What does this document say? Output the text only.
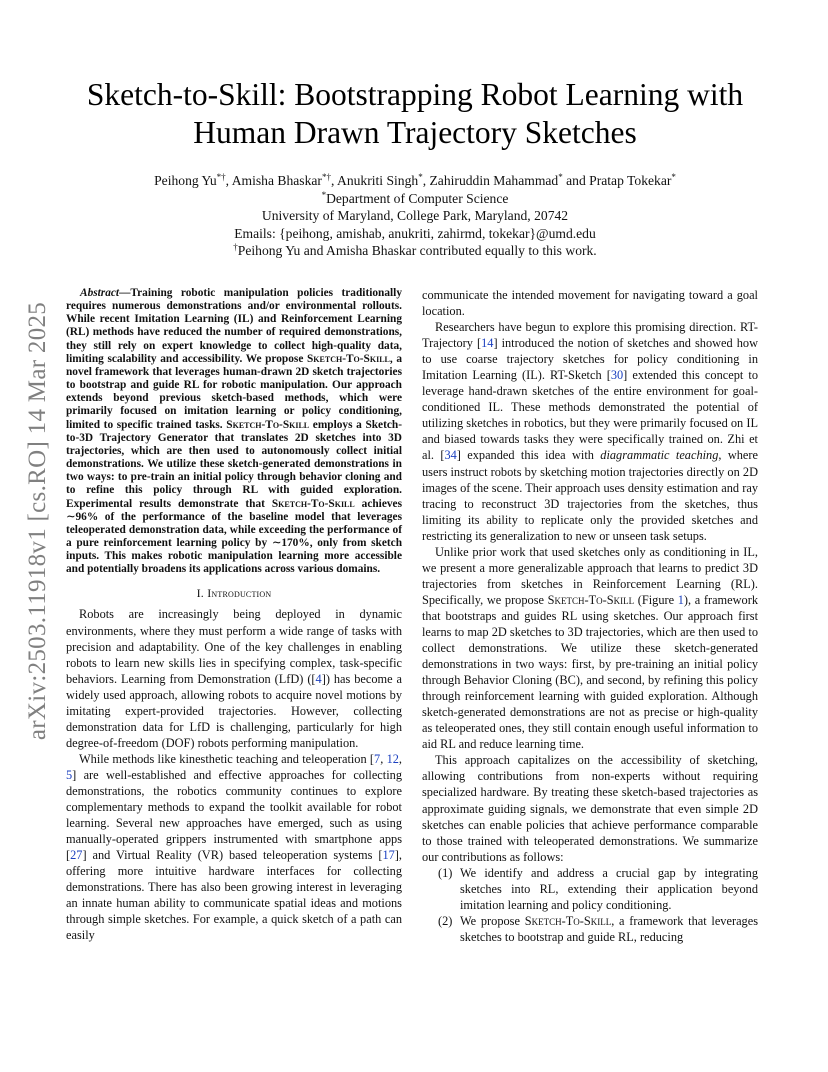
arXiv:2503.11918v1 [cs.RO] 14 Mar 2025
Sketch-to-Skill: Bootstrapping Robot Learning with
Human Drawn Trajectory Sketches
Peihong Yu*†, Amisha Bhaskar*†, Anukriti Singh*, Zahiruddin Mahammad* and Pratap Tokekar*
*Department of Computer Science
University of Maryland, College Park, Maryland, 20742
Emails: {peihong, amishab, anukriti, zahirmd, tokekar}@umd.edu
†Peihong Yu and Amisha Bhaskar contributed equally to this work.

Abstract—Training robotic manipulation policies traditionally requires numerous demonstrations and/or environmental rollouts. While recent Imitation Learning (IL) and Reinforcement Learning (RL) methods have reduced the number of required demonstrations, they still rely on expert knowledge to collect high-quality data, limiting scalability and accessibility. We propose Sketch-To-Skill, a novel framework that leverages human-drawn 2D sketch trajectories to bootstrap and guide RL for robotic manipulation. Our approach extends beyond previous sketch-based methods, which were primarily focused on imitation learning or policy conditioning, limited to specific trained tasks. Sketch-To-Skill employs a Sketch-to-3D Trajectory Generator that translates 2D sketches into 3D trajectories, which are then used to autonomously collect initial demonstrations. We utilize these sketch-generated demonstrations in two ways: to pre-train an initial policy through behavior cloning and to refine this policy through RL with guided exploration. Experimental results demonstrate that Sketch-To-Skill achieves ∼96% of the performance of the baseline model that leverages teleoperated demonstration data, while exceeding the performance of a pure reinforcement learning policy by ∼170%, only from sketch inputs. This makes robotic manipulation learning more accessible and potentially broadens its applications across various domains.

I. Introduction

Robots are increasingly being deployed in dynamic environments, where they must perform a wide range of tasks with precision and adaptability. One of the key challenges in enabling robots to learn new skills lies in specifying complex, task-specific behaviors. Learning from Demonstration (LfD) ([4]) has become a widely used approach, allowing robots to acquire novel motions by imitating expert-provided trajectories. However, collecting demonstration data for LfD is challenging, particularly for high degree-of-freedom (DOF) robots performing manipulation.

While methods like kinesthetic teaching and teleoperation [7, 12, 5] are well-established and effective approaches for collecting demonstrations, the robotics community continues to explore complementary methods to expand the toolkit available for robot learning. Several new approaches have emerged, such as using manually-operated grippers instrumented with smartphone apps [27] and Virtual Reality (VR) based teleoperation systems [17], offering more intuitive hardware interfaces for collecting demonstrations. There has also been growing interest in leveraging an innate human ability to communicate spatial ideas and motions through simple sketches. For example, a quick sketch of a path can easily

communicate the intended movement for navigating toward a goal location.

Researchers have begun to explore this promising direction. RT-Trajectory [14] introduced the notion of sketches and showed how to use coarse trajectory sketches for policy conditioning in Imitation Learning (IL). RT-Sketch [30] extended this concept to leverage hand-drawn sketches of the entire environment for goal-conditioned IL. These methods demonstrated the potential of utilizing sketches in robotics, but they were primarily focused on IL and biased towards tasks they were specifically trained on. Zhi et al. [34] expanded this idea with diagrammatic teaching, where users instruct robots by sketching motion trajectories directly on 2D images of the scene. Their approach uses density estimation and ray tracing to reconstruct 3D trajectories from the sketches, thus limiting its ability to replicate only the provided sketches and restricting its generalization to new or unseen task setups.

Unlike prior work that used sketches only as conditioning in IL, we present a more generalizable approach that learns to predict 3D trajectories from sketches in Reinforcement Learning (RL). Specifically, we propose Sketch-To-Skill (Figure 1), a framework that bootstraps and guides RL using sketches. Our approach first learns to map 2D sketches to 3D trajectories, which are then used to collect demonstrations. We utilize these sketch-generated demonstrations in two ways: first, by pre-training an initial policy through Behavior Cloning (BC), and second, by refining this policy through reinforcement learning with guided exploration. Although sketch-generated demonstrations are not as precise or high-quality as teleoperated ones, they still contain enough useful information to aid RL and reduce learning time.

This approach capitalizes on the accessibility of sketching, allowing contributions from non-experts without requiring specialized hardware. By treating these sketch-based trajectories as approximate guiding signals, we demonstrate that even simple 2D sketches can enable policies that achieve performance comparable to those trained with teleoperated demonstrations. We summarize our contributions as follows:

(1) We identify and address a crucial gap by integrating sketches into RL, extending their application beyond imitation learning and policy conditioning.
(2) We propose Sketch-To-Skill, a framework that leverages sketches to bootstrap and guide RL, reducing
